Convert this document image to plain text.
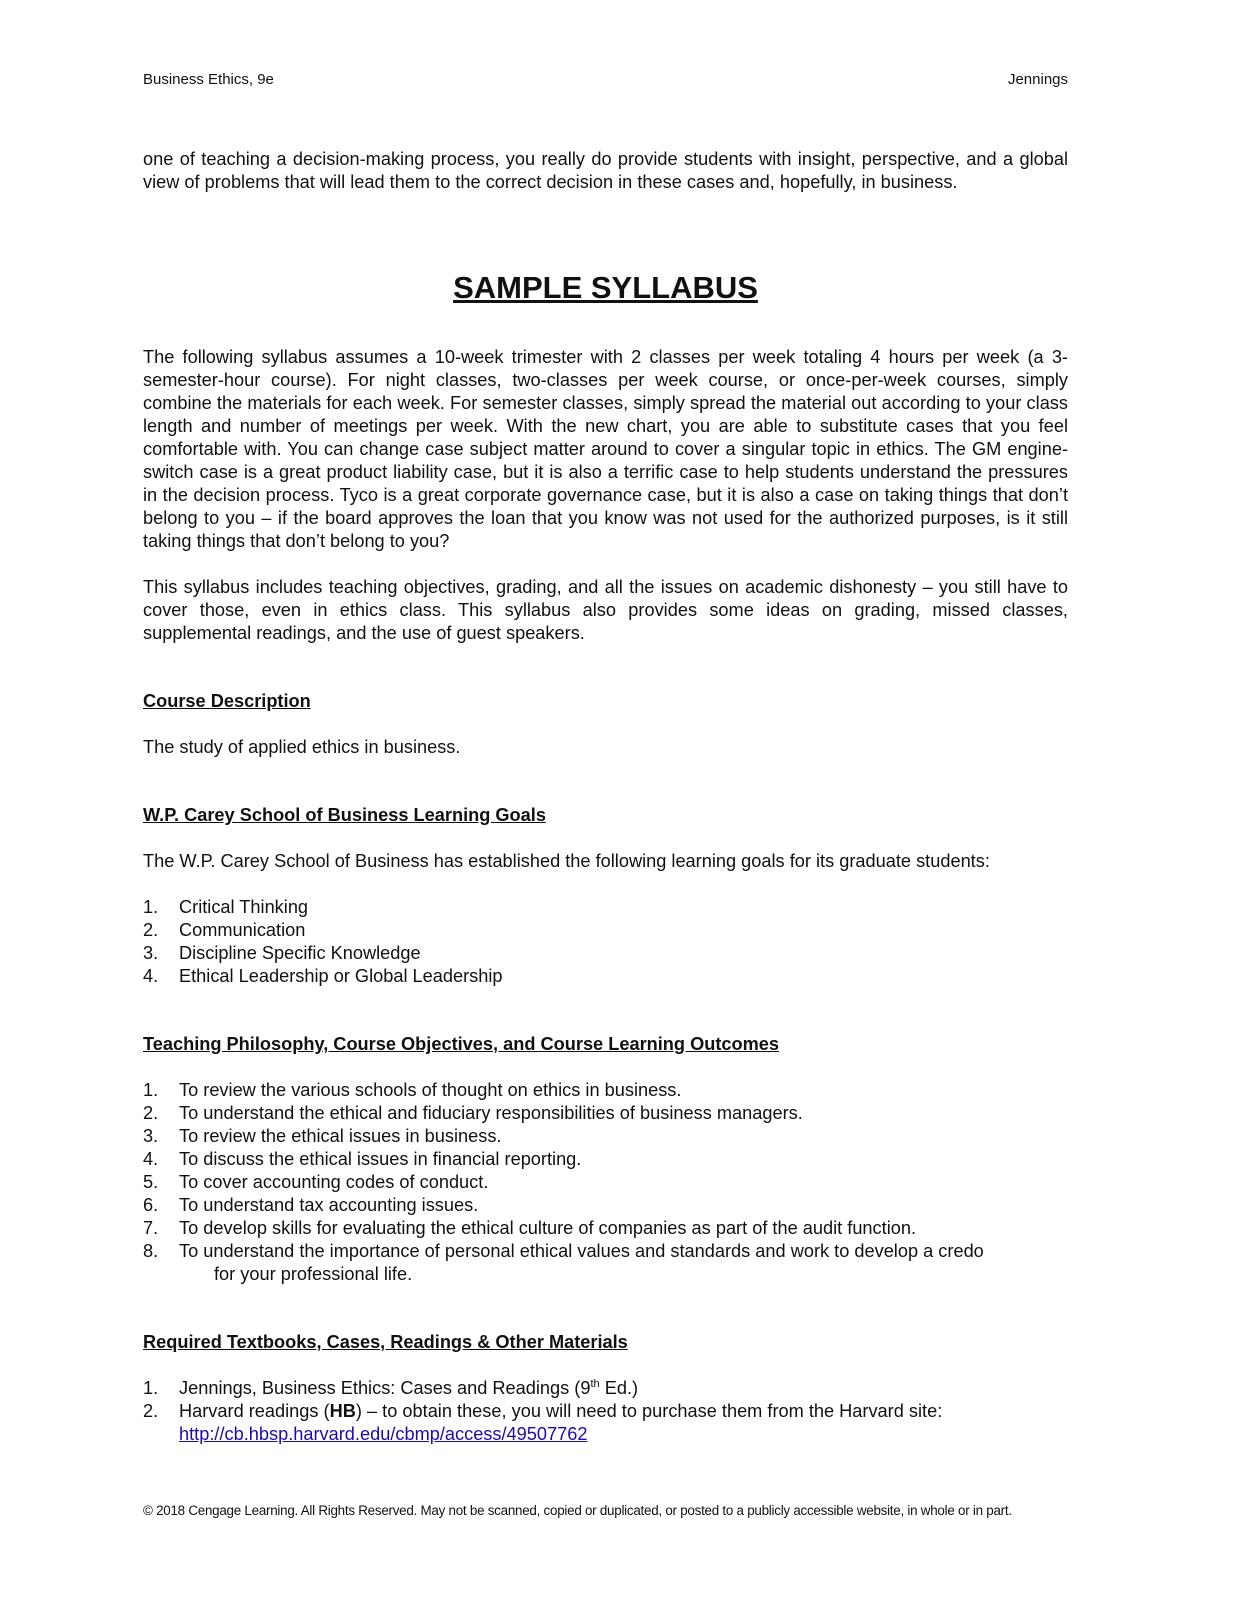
Business Ethics, 9e	Jennings

one of teaching a decision-making process, you really do provide students with insight, perspective, and a global view of problems that will lead them to the correct decision in these cases and, hopefully, in business.

SAMPLE SYLLABUS

The following syllabus assumes a 10-week trimester with 2 classes per week totaling 4 hours per week (a 3-semester-hour course). For night classes, two-classes per week course, or once-per-week courses, simply combine the materials for each week. For semester classes, simply spread the material out according to your class length and number of meetings per week. With the new chart, you are able to substitute cases that you feel comfortable with. You can change case subject matter around to cover a singular topic in ethics. The GM engine-switch case is a great product liability case, but it is also a terrific case to help students understand the pressures in the decision process. Tyco is a great corporate governance case, but it is also a case on taking things that don’t belong to you – if the board approves the loan that you know was not used for the authorized purposes, is it still taking things that don’t belong to you?

This syllabus includes teaching objectives, grading, and all the issues on academic dishonesty – you still have to cover those, even in ethics class. This syllabus also provides some ideas on grading, missed classes, supplemental readings, and the use of guest speakers.

Course Description

The study of applied ethics in business.

W.P. Carey School of Business Learning Goals

The W.P. Carey School of Business has established the following learning goals for its graduate students:

1. Critical Thinking
2. Communication
3. Discipline Specific Knowledge
4. Ethical Leadership or Global Leadership

Teaching Philosophy, Course Objectives, and Course Learning Outcomes

1. To review the various schools of thought on ethics in business.
2. To understand the ethical and fiduciary responsibilities of business managers.
3. To review the ethical issues in business.
4. To discuss the ethical issues in financial reporting.
5. To cover accounting codes of conduct.
6. To understand tax accounting issues.
7. To develop skills for evaluating the ethical culture of companies as part of the audit function.
8. To understand the importance of personal ethical values and standards and work to develop a credo
for your professional life.

Required Textbooks, Cases, Readings & Other Materials

1. Jennings, Business Ethics: Cases and Readings (9th Ed.)
2. Harvard readings (HB) – to obtain these, you will need to purchase them from the Harvard site:
http://cb.hbsp.harvard.edu/cbmp/access/49507762
© 2018 Cengage Learning. All Rights Reserved. May not be scanned, copied or duplicated, or posted to a publicly accessible website, in whole or in part.
